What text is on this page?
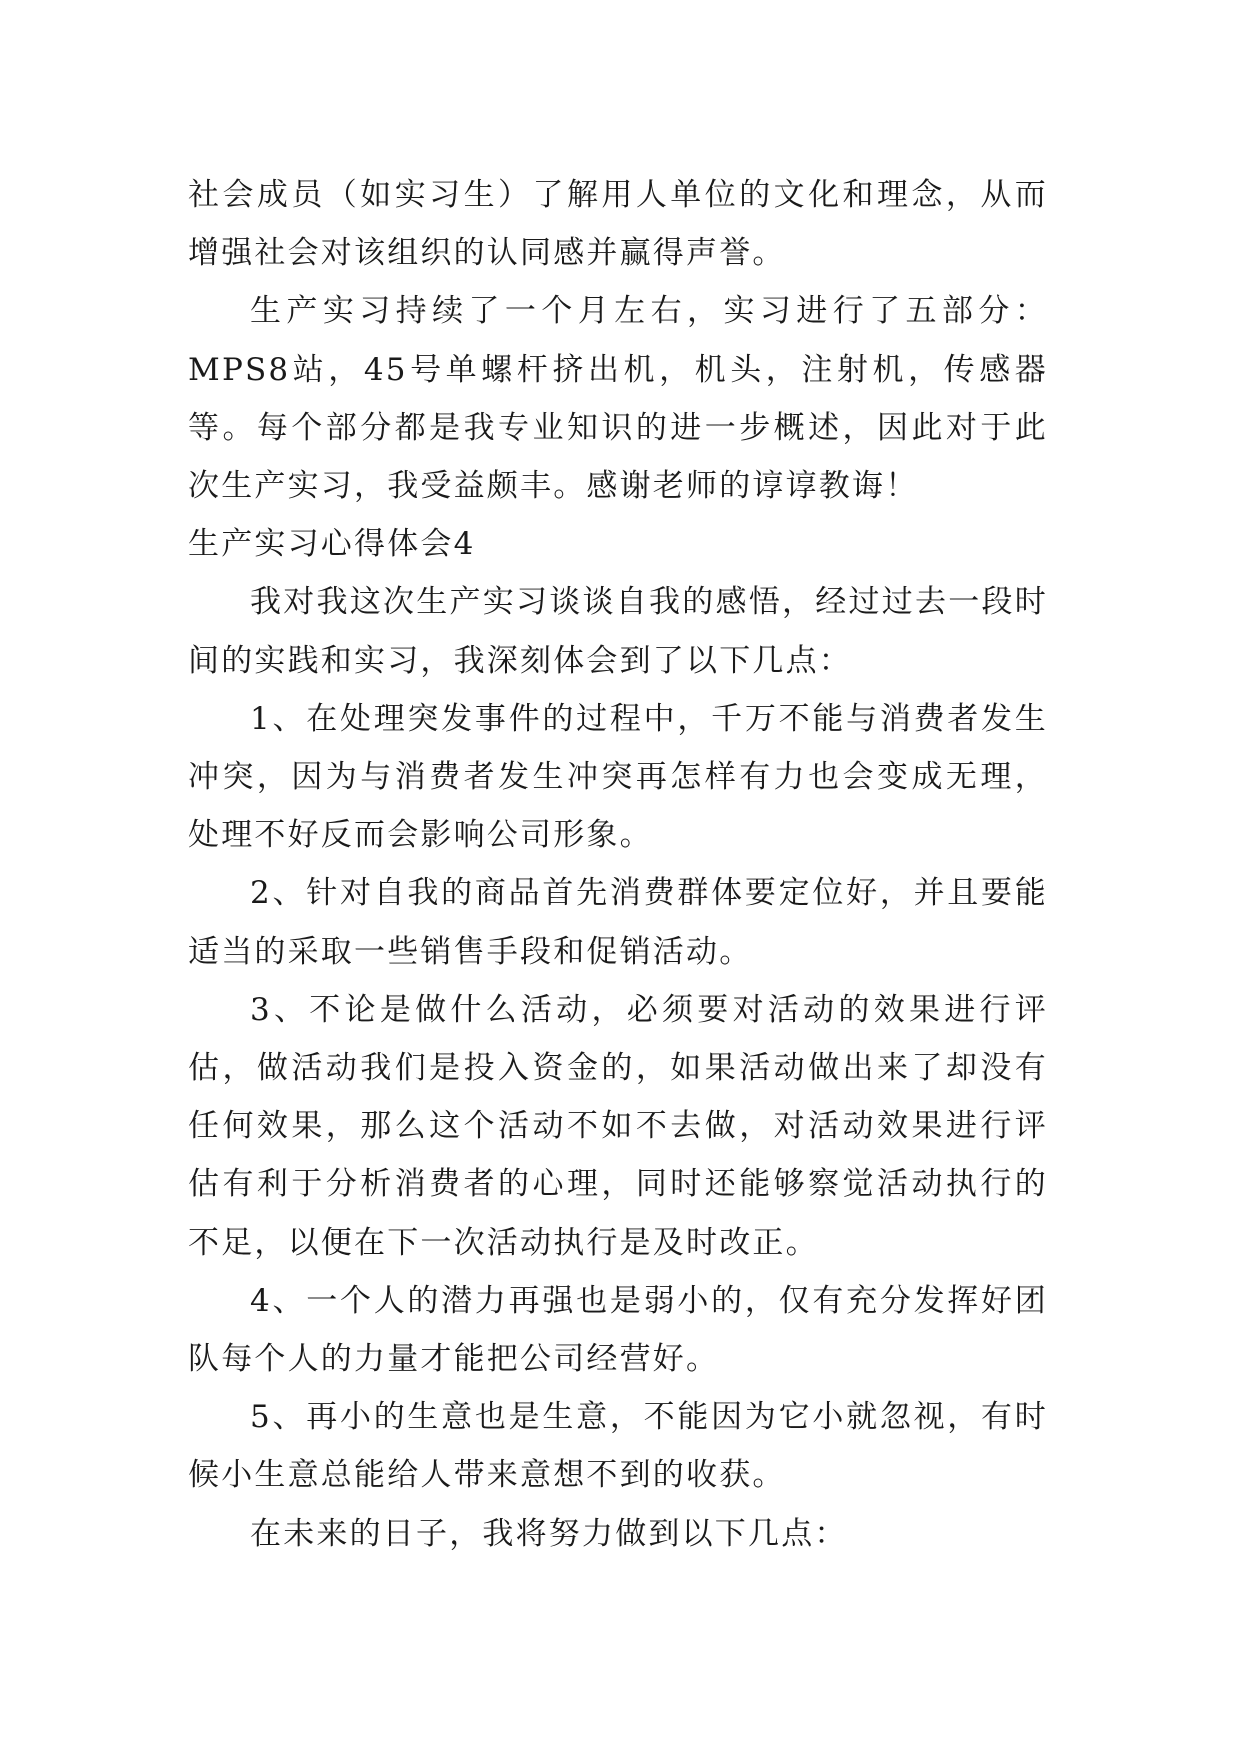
社会成员（如实习生）了解用人单位的文化和理念，从而增强社会对该组织的认同感并赢得声誉。

生产实习持续了一个月左右，实习进行了五部分：MPS8站，45号单螺杆挤出机，机头，注射机，传感器等。每个部分都是我专业知识的进一步概述，因此对于此次生产实习，我受益颇丰。感谢老师的谆谆教诲！

生产实习心得体会4

我对我这次生产实习谈谈自我的感悟，经过过去一段时间的实践和实习，我深刻体会到了以下几点：

1、在处理突发事件的过程中，千万不能与消费者发生冲突，因为与消费者发生冲突再怎样有力也会变成无理，处理不好反而会影响公司形象。

2、针对自我的商品首先消费群体要定位好，并且要能适当的采取一些销售手段和促销活动。

3、不论是做什么活动，必须要对活动的效果进行评估，做活动我们是投入资金的，如果活动做出来了却没有任何效果，那么这个活动不如不去做，对活动效果进行评估有利于分析消费者的心理，同时还能够察觉活动执行的不足，以便在下一次活动执行是及时改正。

4、一个人的潜力再强也是弱小的，仅有充分发挥好团队每个人的力量才能把公司经营好。

5、再小的生意也是生意，不能因为它小就忽视，有时候小生意总能给人带来意想不到的收获。

在未来的日子，我将努力做到以下几点：
